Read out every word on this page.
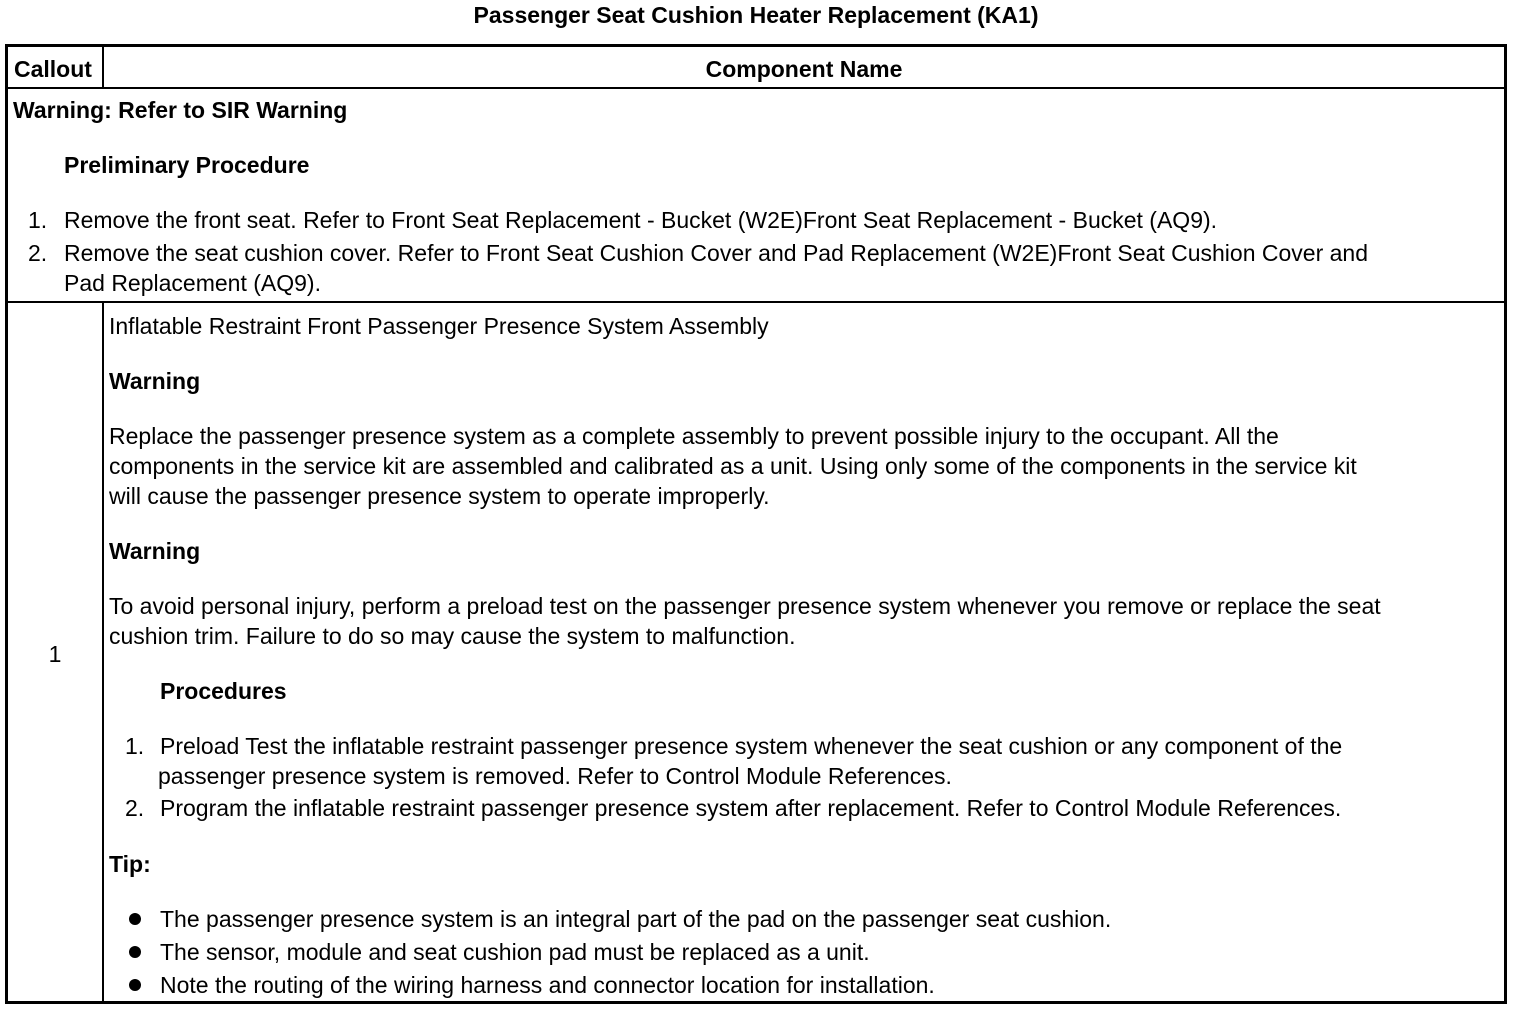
Passenger Seat Cushion Heater Replacement (KA1)
Callout	Component Name
Warning: Refer to SIR Warning
Preliminary Procedure
1. Remove the front seat. Refer to Front Seat Replacement - Bucket (W2E)Front Seat Replacement - Bucket (AQ9).
2. Remove the seat cushion cover. Refer to Front Seat Cushion Cover and Pad Replacement (W2E)Front Seat Cushion Cover and
Pad Replacement (AQ9).
1
Inflatable Restraint Front Passenger Presence System Assembly
Warning
Replace the passenger presence system as a complete assembly to prevent possible injury to the occupant. All the
components in the service kit are assembled and calibrated as a unit. Using only some of the components in the service kit
will cause the passenger presence system to operate improperly.
Warning
To avoid personal injury, perform a preload test on the passenger presence system whenever you remove or replace the seat
cushion trim. Failure to do so may cause the system to malfunction.
Procedures
1. Preload Test the inflatable restraint passenger presence system whenever the seat cushion or any component of the
passenger presence system is removed. Refer to Control Module References.
2. Program the inflatable restraint passenger presence system after replacement. Refer to Control Module References.
Tip:
The passenger presence system is an integral part of the pad on the passenger seat cushion.
The sensor, module and seat cushion pad must be replaced as a unit.
Note the routing of the wiring harness and connector location for installation.
